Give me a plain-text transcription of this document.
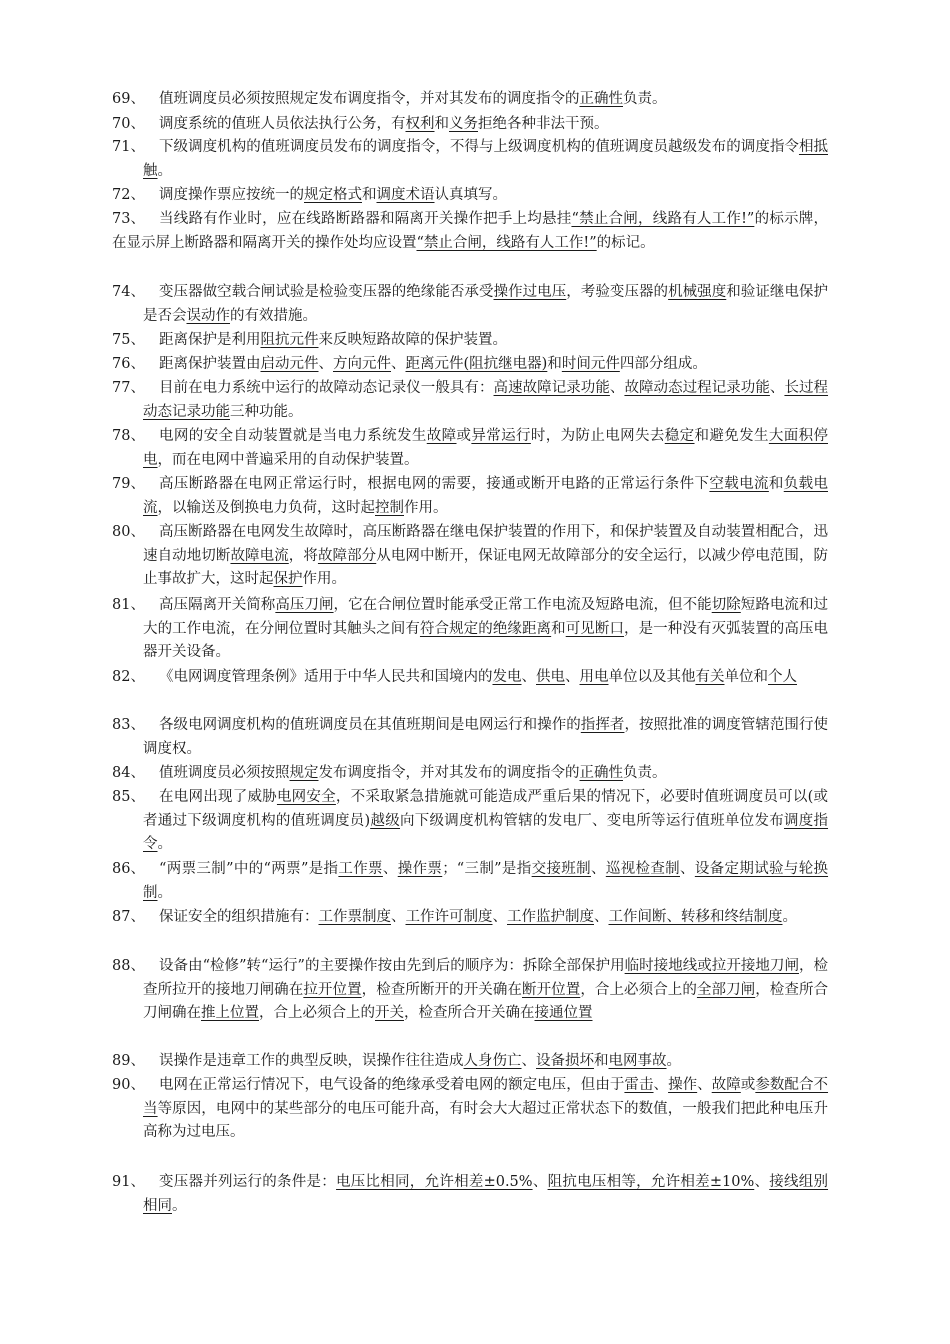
69、 值班调度员必须按照规定发布调度指令，并对其发布的调度指令的正确性负责。
70、 调度系统的值班人员依法执行公务，有权利和义务拒绝各种非法干预。
71、 下级调度机构的值班调度员发布的调度指令，不得与上级调度机构的值班调度员越级发布的调度指令相抵触。
72、 调度操作票应按统一的规定格式和调度术语认真填写。
73、 当线路有作业时，应在线路断路器和隔离开关操作把手上均悬挂“禁止合闸，线路有人工作!”的标示牌，在显示屏上断路器和隔离开关的操作处均应设置“禁止合闸，线路有人工作!”的标记。
74、 变压器做空载合闸试验是检验变压器的绝缘能否承受操作过电压，考验变压器的机械强度和验证继电保护是否会误动作的有效措施。
75、 距离保护是利用阻抗元件来反映短路故障的保护装置。
76、 距离保护装置由启动元件、方向元件、距离元件(阻抗继电器)和时间元件四部分组成。
77、 目前在电力系统中运行的故障动态记录仪一般具有：高速故障记录功能、故障动态过程记录功能、长过程动态记录功能三种功能。
78、 电网的安全自动装置就是当电力系统发生故障或异常运行时，为防止电网失去稳定和避免发生大面积停电，而在电网中普遍采用的自动保护装置。
79、 高压断路器在电网正常运行时，根据电网的需要，接通或断开电路的正常运行条件下空载电流和负载电流，以输送及倒换电力负荷，这时起控制作用。
80、 高压断路器在电网发生故障时，高压断路器在继电保护装置的作用下，和保护装置及自动装置相配合，迅速自动地切断故障电流，将故障部分从电网中断开，保证电网无故障部分的安全运行，以减少停电范围，防止事故扩大，这时起保护作用。
81、 高压隔离开关简称高压刀闸，它在合闸位置时能承受正常工作电流及短路电流，但不能切除短路电流和过大的工作电流，在分闸位置时其触头之间有符合规定的绝缘距离和可见断口，是一种没有灭弧装置的高压电器开关设备。
82、 《电网调度管理条例》适用于中华人民共和国境内的发电、供电、用电单位以及其他有关单位和个人
83、 各级电网调度机构的值班调度员在其值班期间是电网运行和操作的指挥者，按照批准的调度管辖范围行使调度权。
84、 值班调度员必须按照规定发布调度指令，并对其发布的调度指令的正确性负责。
85、 在电网出现了威胁电网安全，不采取紧急措施就可能造成严重后果的情况下，必要时值班调度员可以(或者通过下级调度机构的值班调度员)越级向下级调度机构管辖的发电厂、变电所等运行值班单位发布调度指令。
86、 “两票三制”中的“两票”是指工作票、操作票；“三制”是指交接班制、巡视检查制、设备定期试验与轮换制。
87、 保证安全的组织措施有：工作票制度、工作许可制度、工作监护制度、工作间断、转移和终结制度。
88、 设备由“检修”转“运行”的主要操作按由先到后的顺序为：拆除全部保护用临时接地线或拉开接地刀闸，检查所拉开的接地刀闸确在拉开位置，检查所断开的开关确在断开位置，合上必须合上的全部刀闸，检查所合刀闸确在推上位置，合上必须合上的开关，检查所合开关确在接通位置
89、 误操作是违章工作的典型反映，误操作往往造成人身伤亡、设备损坏和电网事故。
90、 电网在正常运行情况下，电气设备的绝缘承受着电网的额定电压，但由于雷击、操作、故障或参数配合不当等原因，电网中的某些部分的电压可能升高，有时会大大超过正常状态下的数值，一般我们把此种电压升高称为过电压。
91、 变压器并列运行的条件是：电压比相同，允许相差±0.5%、阻抗电压相等，允许相差±10%、接线组别相同。
